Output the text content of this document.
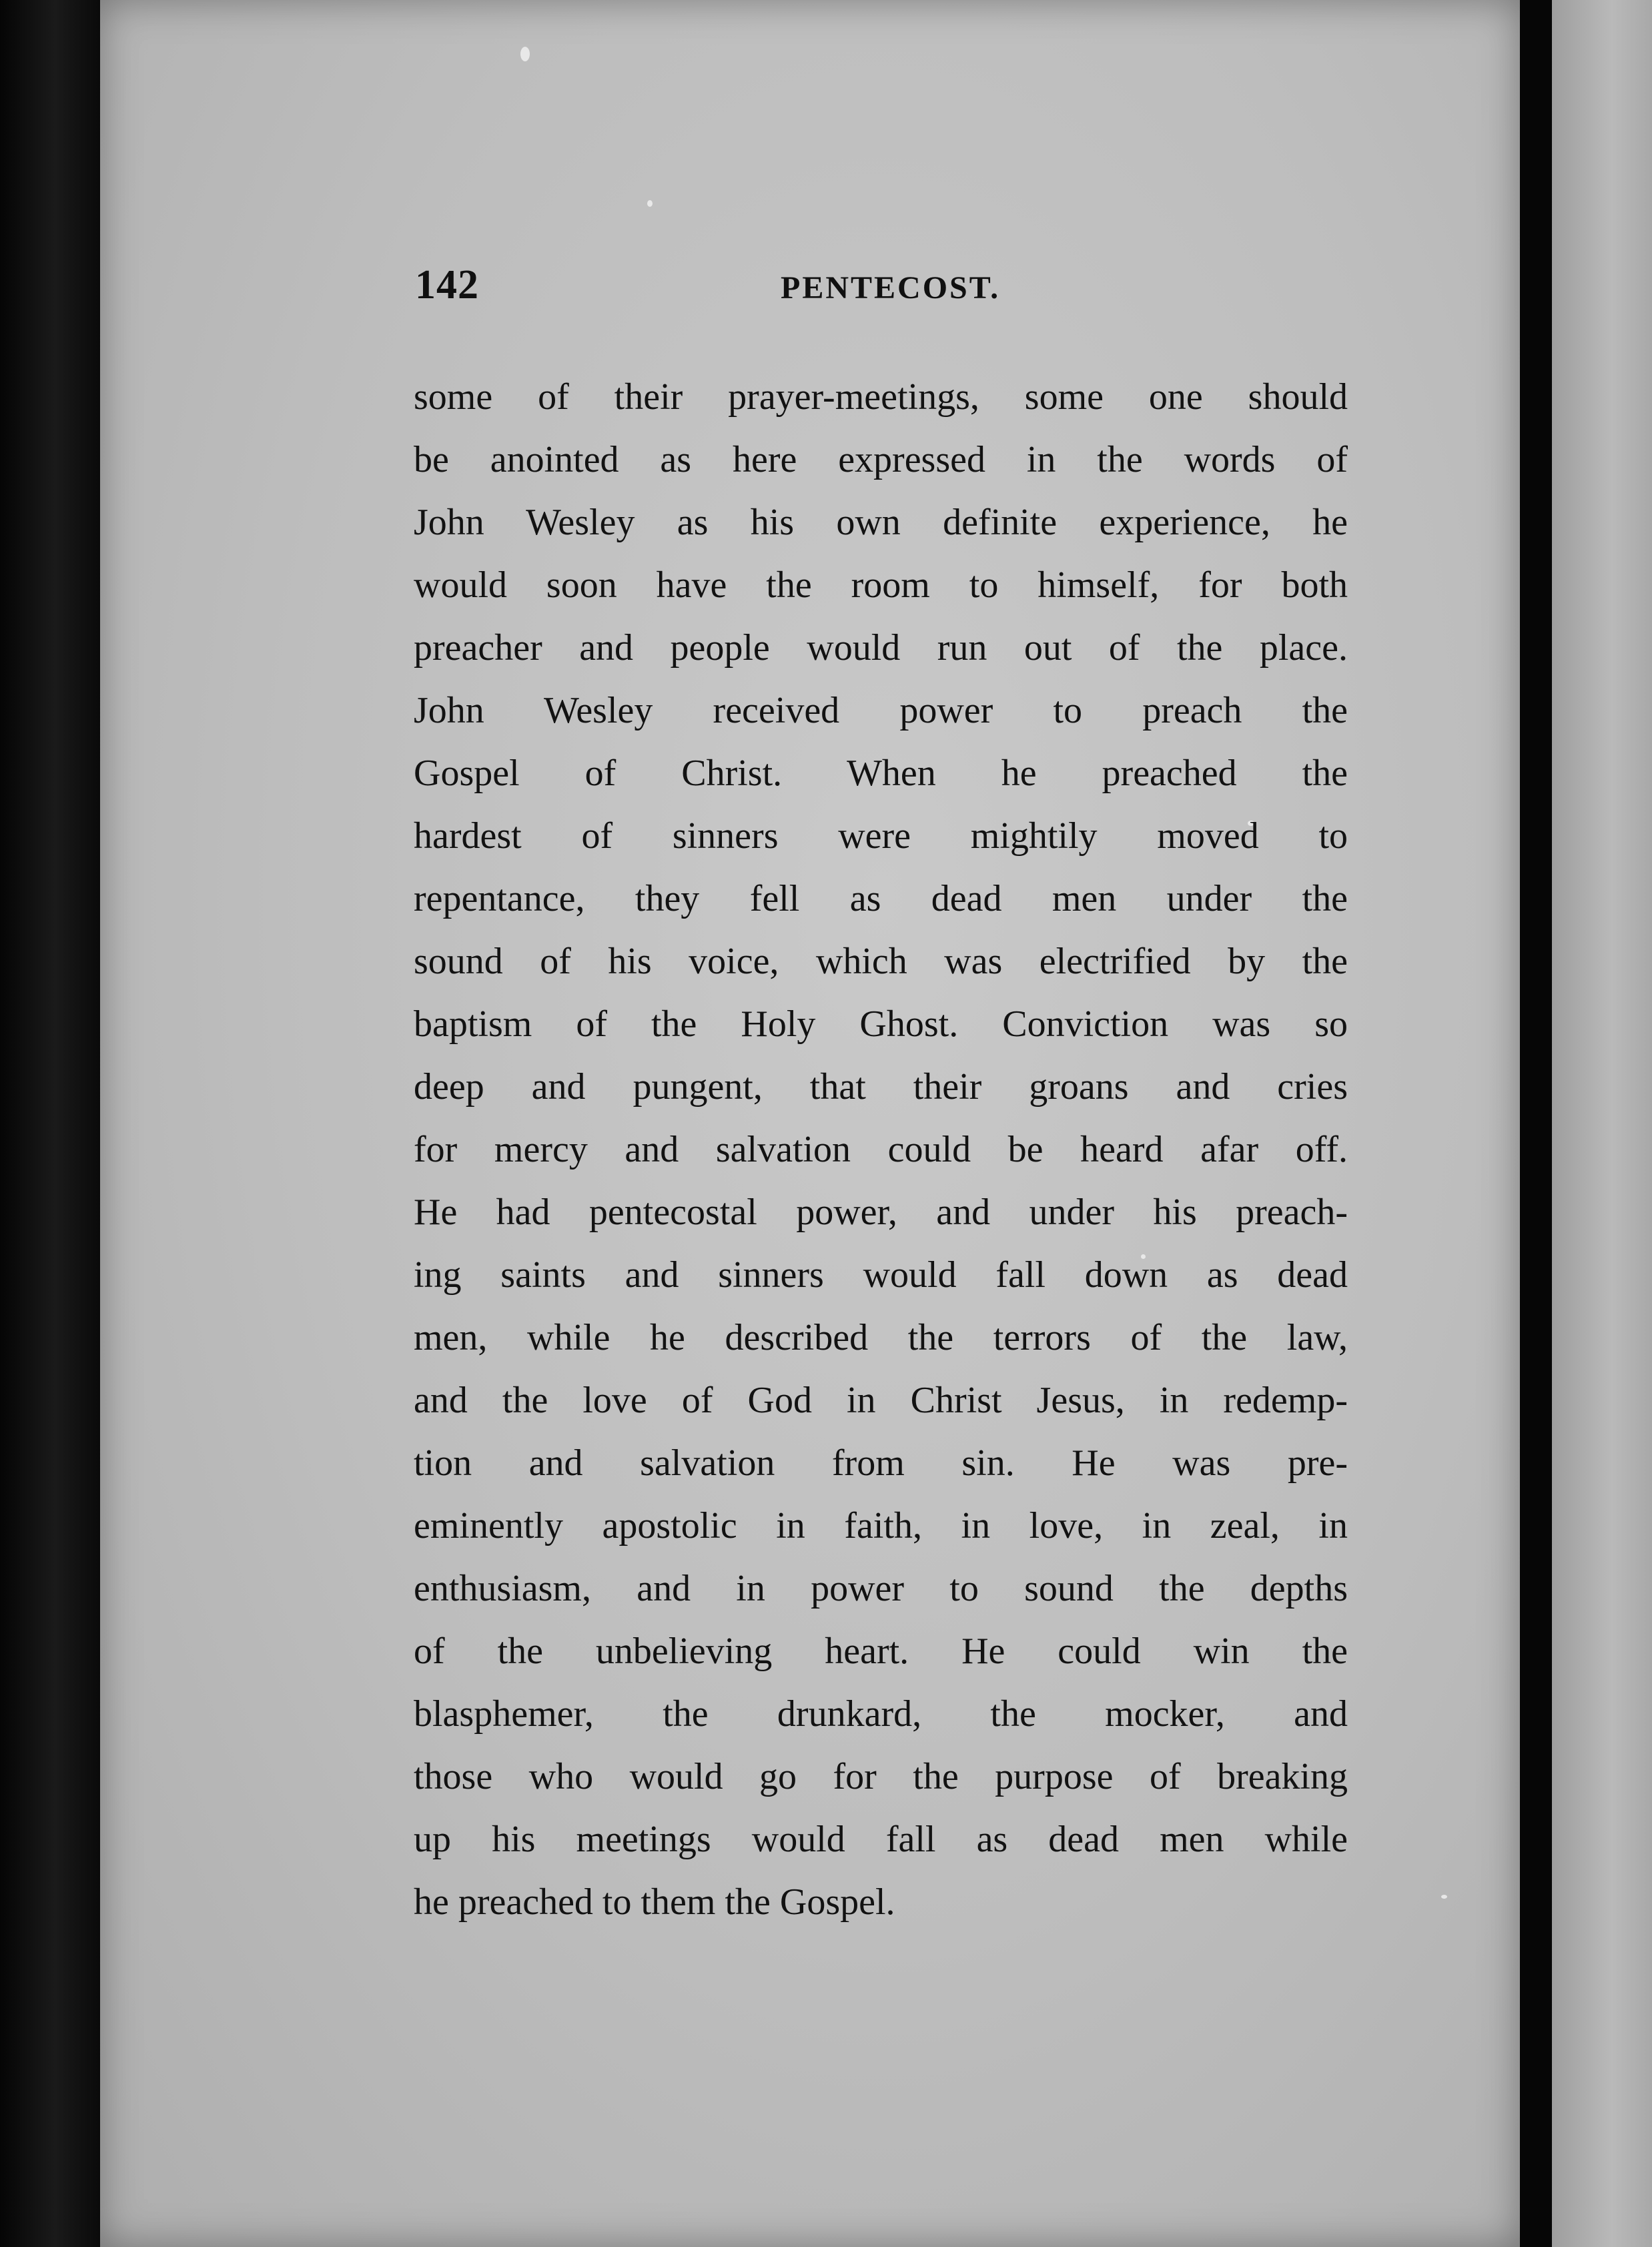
142	PENTECOST.
some of their prayer-meetings, some one should
be anointed as here expressed in the words of
John Wesley as his own definite experience, he
would soon have the room to himself, for both
preacher and people would run out of the place.
John Wesley received power to preach the
Gospel of Christ. When he preached the
hardest of sinners were mightily moved to
repentance, they fell as dead men under the
sound of his voice, which was electrified by the
baptism of the Holy Ghost. Conviction was so
deep and pungent, that their groans and cries
for mercy and salvation could be heard afar off.
He had pentecostal power, and under his preach-
ing saints and sinners would fall down as dead
men, while he described the terrors of the law,
and the love of God in Christ Jesus, in redemp-
tion and salvation from sin. He was pre-
eminently apostolic in faith, in love, in zeal, in
enthusiasm, and in power to sound the depths
of the unbelieving heart. He could win the
blasphemer, the drunkard, the mocker, and
those who would go for the purpose of breaking
up his meetings would fall as dead men while
he preached to them the Gospel.
